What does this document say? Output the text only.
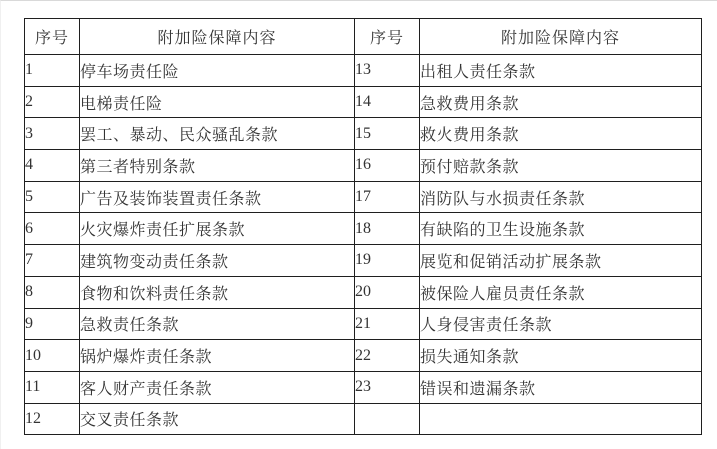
序号	附加险保障内容	序号	附加险保障内容
1	停车场责任险	13	出租人责任条款
2	电梯责任险	14	急救费用条款
3	罢工、暴动、民众骚乱条款	15	救火费用条款
4	第三者特别条款	16	预付赔款条款
5	广告及装饰装置责任条款	17	消防队与水损责任条款
6	火灾爆炸责任扩展条款	18	有缺陷的卫生设施条款
7	建筑物变动责任条款	19	展览和促销活动扩展条款
8	食物和饮料责任条款	20	被保险人雇员责任条款
9	急救责任条款	21	人身侵害责任条款
10	锅炉爆炸责任条款	22	损失通知条款
11	客人财产责任条款	23	错误和遗漏条款
12	交叉责任条款		
